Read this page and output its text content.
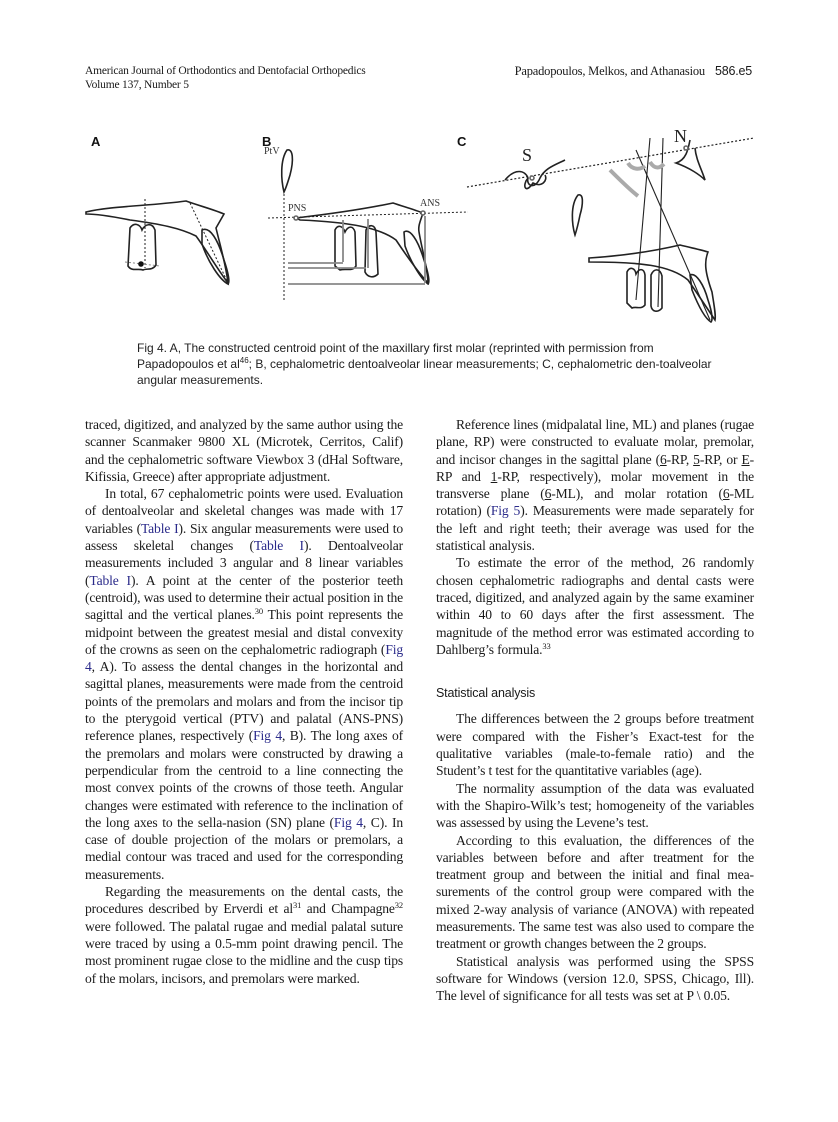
American Journal of Orthodontics and Dentofacial Orthopedics
Volume 137, Number 5
Papadopoulos, Melkos, and Athanasiou 586.e5
A	B
PtV
PNS	ANS
C
S
N
Fig 4. A, The constructed centroid point of the maxillary first molar (reprinted with permission from Papadopoulos et $al^{46}$; B, cephalometric dentoalveolar linear measurements; C, cephalometric den-toalveolar angular measurements.

traced, digitized, and analyzed by the same author using the scanner Scanmaker 9800 XL (Microtek, Cerritos, Calif) and the cephalometric software Viewbox 3 (dHal Software, Kifissia, Greece) after appropriate adjustment.

In total, 67 cephalometric points were used. Evaluation of dentoalveolar and skeletal changes was made with 17 variables (Table I). Six angular measurements were used to assess skeletal changes (Table I). Dentoalveolar measurements included 3 angular and 8 linear variables (Table I). A point at the center of the posterior teeth (centroid), was used to determine their actual position in the sagittal and the vertical planes.$^{30}$ This point represents the midpoint between the greatest mesial and distal convexity of the crowns as seen on the cephalometric radiograph (Fig 4, A). To assess the dental changes in the horizontal and sagittal planes, measurements were made from the centroid points of the premolars and molars and from the incisor tip to the pterygoid vertical (PTV) and palatal (ANS-PNS) reference planes, respectively (Fig 4, B). The long axes of the premolars and molars were constructed by drawing a perpendicular from the centroid to a line connecting the most convex points of the crowns of those teeth. Angular changes were estimated with reference to the inclination of the long axes to the sella-nasion (SN) plane (Fig 4, C). In case of double projection of the molars or premolars, a medial contour was traced and used for the corresponding measurements.

Regarding the measurements on the dental casts, the procedures described by Erverdi et $al^{31}$ and Champagne$^{32}$ were followed. The palatal rugae and medial palatal suture were traced by using a 0.5-mm point drawing pencil. The most prominent rugae close to the midline and the cusp tips of the molars, incisors, and premolars were marked.

Reference lines (midpalatal line, ML) and planes (rugae plane, RP) were constructed to evaluate molar, premolar, and incisor changes in the sagittal plane (6-RP, 5-RP, or E-RP and 1-RP, respectively), molar movement in the transverse plane (6-ML), and molar rotation (6-ML rotation) (Fig 5). Measurements were made separately for the left and right teeth; their average was used for the statistical analysis.

To estimate the error of the method, 26 randomly chosen cephalometric radiographs and dental casts were traced, digitized, and analyzed again by the same examiner within 40 to 60 days after the first assessment. The magnitude of the method error was estimated according to Dahlberg’s formula.$^{33}$

Statistical analysis

The differences between the 2 groups before treatment were compared with the Fisher’s Exact-test for the qualitative variables (male-to-female ratio) and the Student’s t test for the quantitative variables (age).

The normality assumption of the data was evaluated with the Shapiro-Wilk’s test; homogeneity of the variables was assessed by using the Levene’s test.

According to this evaluation, the differences of the variables between before and after treatment for the treatment group and between the initial and final measurements of the control group were compared with the mixed 2-way analysis of variance (ANOVA) with repeated measurements. The same test was also used to compare the treatment or growth changes between the 2 groups.

Statistical analysis was performed using the SPSS software for Windows (version 12.0, SPSS, Chicago, Ill). The level of significance for all tests was set at P \ 0.05.
